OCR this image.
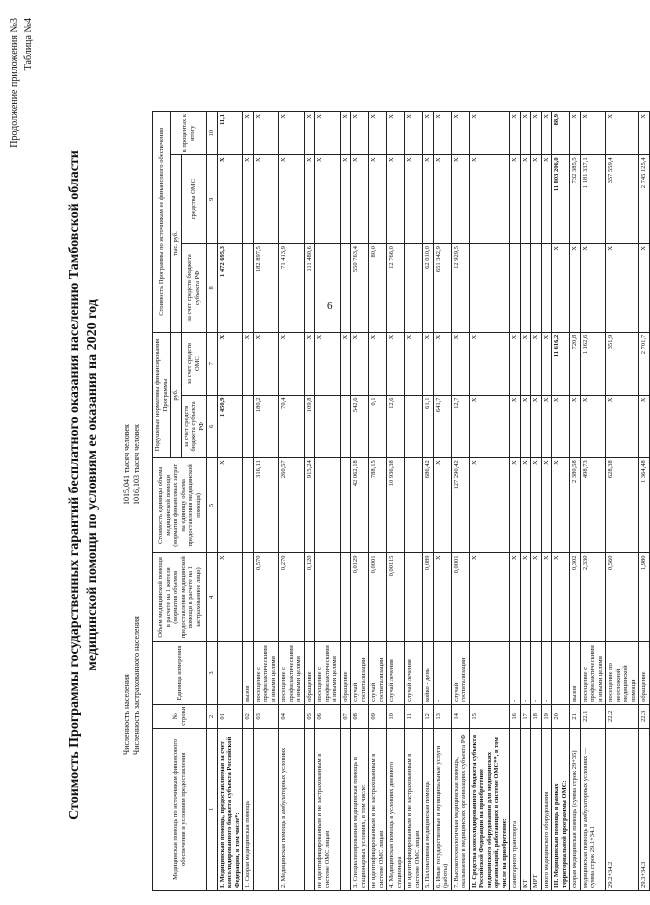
6
Продолжение приложения №3 Таблица №4
Стоимость Программы государственных гарантий бесплатного оказания населению Тамбовской области медицинской помощи по условиям ее оказания на 2020 год
Численность населения Численность застрахованного населения
1015,041 тысяч человек 1016,103 тысяч человек
Медицинская помощь по источникам финансового обеспечения и условиям предоставления	№ строки	Единица измерения	Объем медицинской помощи в расчете на 1 жителя (норматив объемов предоставления медицинской помощи в расчете на 1 застрахованное лицо)	Стоимость единицы объема медицинской помощи (норматив финансовых затрат на единицу объема предоставления медицинской помощи)	Подушевые нормативы финансирования Программы		Стоимость Программы по источникам ее финансового обеспечения		
					руб.		тыс. руб.		в процентах к итогу
					за счет средств бюджета субъекта РФ	за счет средств ОМС	за счет средств бюджета субъекта РФ	средства ОМС	
1	2	3	4	5	6	7	8	9	10
I. Медицинская помощь, предоставляемая за счет консолидированного бюджета субъекта Российской Федерации, в том числе*:	01		X	X	1 450,9	X	1 472 695,3	X	11,1
1. Скорая медицинская помощь	02	вызов				X		X	X
	03	посещение с профилактическими и иными целями	0,570	316,11	180,2	X	182 897,5	X	X
2. Медицинская помощь в амбулаторных условиях	04	посещение с профилактическими и иными целями	0,270	260,57	70,4	X	71 413,9	X	X
	05	обращение	0,120	915,24	109,8	X	111 480,6	X	X
не идентифицированным и не застрахованным в системе ОМС лицам	06	посещение с профилактическими и иными целями				X		X	X
	07	обращение				X		X	X
3. Специализированная медицинская помощь в стационарных условиях, в том числе:	08	случай госпитализации	0,0129	42 062,18	542,6	X	550 763,4	X	X
не идентифицированным и не застрахованным в системе ОМС лицам	09	случай госпитализации	0,0001	788,15	0,1	X	80,0	X	X
4. Медицинская помощь в условиях дневного стационара	10	случай лечения	0,00115	10 936,38	12,6	X	12 766,0	X	X
не идентифицированным и не застрахованным в системе ОМС лицам	11	случай лечения				X		X	X
5. Паллиативная медицинская помощь	12	койко - день	0,089	686,42	61,1	X	62 010,0	X	X
6. Иные государственные и муниципальные услуги (работы)	13	-	X	X	641,7	X	651 342,9	X	X
7. Высокотехнологичная медицинская помощь, оказываемая в медицинских организациях субъекта РФ	14	случай госпитализации	0,0001	127 290,42	12,7	X	12 929,5	X	X
II. Средства консолидированного бюджета субъекта Российской Федерации на приобретение медицинского оборудования для медицинских организаций, работающих в системе ОМС**, в том числе на приобретение:	15		X	X	X	X		X	X
санитарного транспорта	16	-	X	X	X	X		X	X
КТ	17	-	X	X	X	X		X	X
МРТ	18	-	X	X	X	X		X	X
иного медицинского оборудования	19	-	X	X	X	X		X	X
III. Медицинская помощь в рамках территориальной программы ОМС:	20		X	X	X	11 616,2	X	11 803 206,0	88,9
скорая медицинская помощь (сумма строк 29+35)	21	вызов	0,302	2 380,58	X	720,8	X	732 385,5	X
медицинская помощь в амбулаторных условиях — сумма строк 29.1+34.1	22.1	посещение с профилактическими и иными целями	2,330	498,73	X	1 162,6	X	1 181 337,1	X
29.2+34.2	22.2	посещение по неотложной медицинской помощи	0,560	628,38	X	351,9	X	357 559,4	X
29.3+34.3	22.3	обращение	1,980	1 364,48	X	2 701,7	X	2 745 125,4	X
